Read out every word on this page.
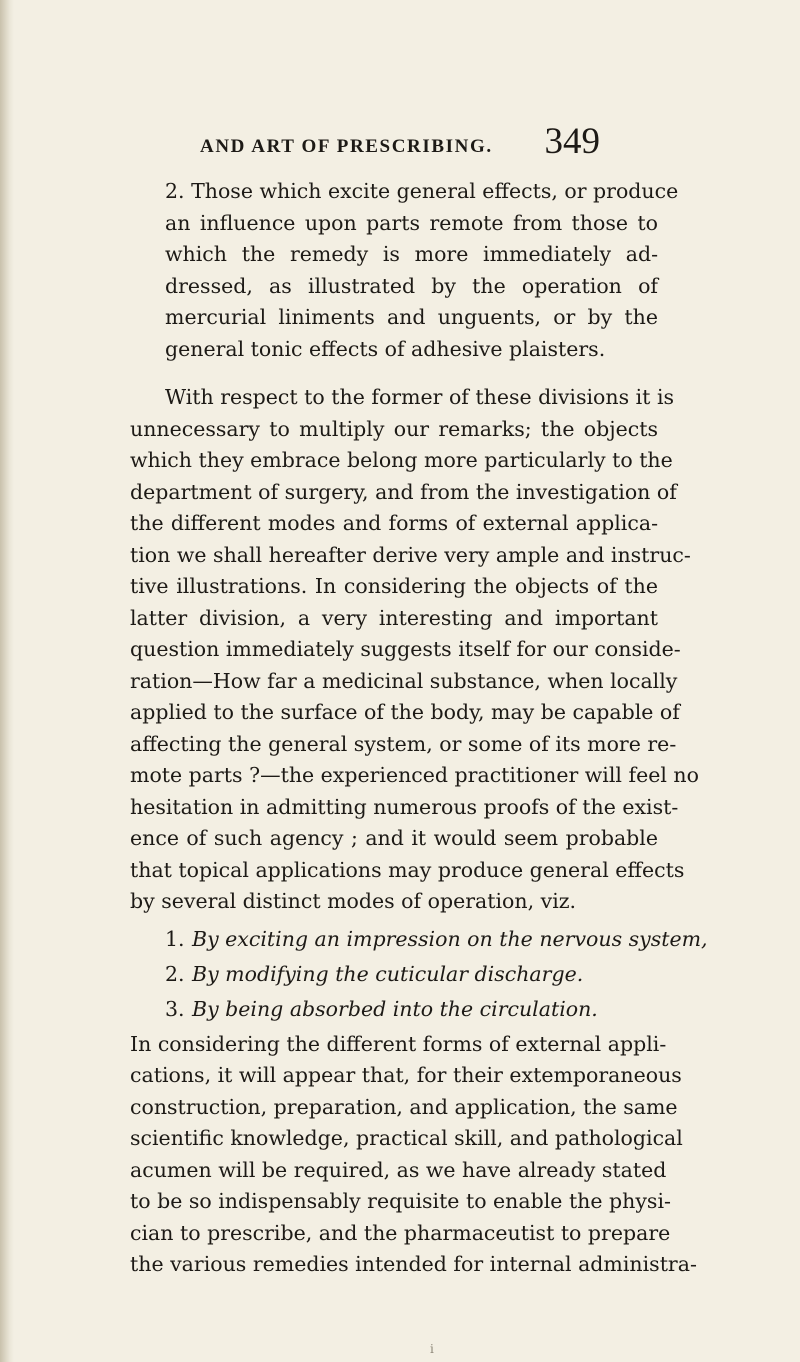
AND ART OF PRESCRIBING. 349
2. Those which excite general effects, or produce
an influence upon parts remote from those to
which the remedy is more immediately ad-
dressed, as illustrated by the operation of
mercurial liniments and unguents, or by the
general tonic effects of adhesive plaisters.
With respect to the former of these divisions it is
unnecessary to multiply our remarks; the objects
which they embrace belong more particularly to the
department of surgery, and from the investigation of
the different modes and forms of external applica-
tion we shall hereafter derive very ample and instruc-
tive illustrations. In considering the objects of the
latter division, a very interesting and important
question immediately suggests itself for our conside-
ration—How far a medicinal substance, when locally
applied to the surface of the body, may be capable of
affecting the general system, or some of its more re-
mote parts ?—the experienced practitioner will feel no
hesitation in admitting numerous proofs of the exist-
ence of such agency ; and it would seem probable
that topical applications may produce general effects
by several distinct modes of operation, viz.
1. By exciting an impression on the nervous system,
2. By modifying the cuticular discharge.
3. By being absorbed into the circulation.
In considering the different forms of external appli-
cations, it will appear that, for their extemporaneous
construction, preparation, and application, the same
scientific knowledge, practical skill, and pathological
acumen will be required, as we have already stated
to be so indispensably requisite to enable the physi-
cian to prescribe, and the pharmaceutist to prepare
the various remedies intended for internal administra-
i
